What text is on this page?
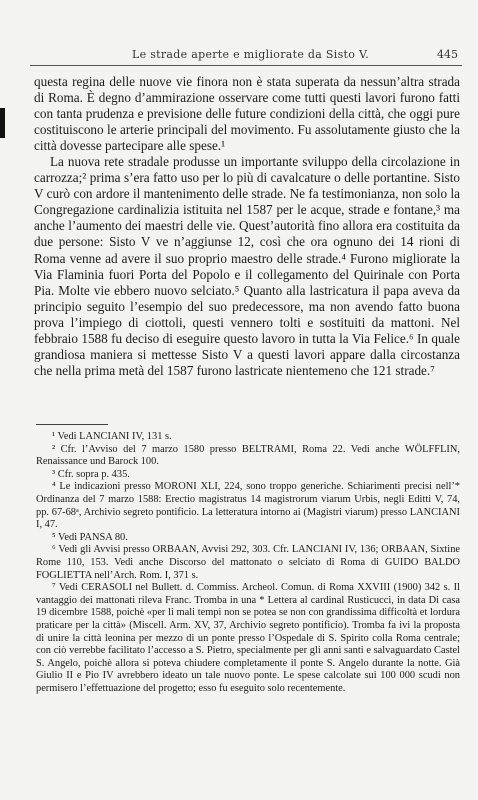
Le strade aperte e migliorate da Sisto V.	445

questa regina delle nuove vie finora non è stata superata da nessun’altra strada di Roma. È degno d’ammirazione osservare come tutti questi lavori furono fatti con tanta prudenza e previsione delle future condizioni della città, che oggi pure costituiscono le arterie principali del movimento. Fu assolutamente giusto che la città dovesse partecipare alle spese.¹

La nuova rete stradale produsse un importante sviluppo della circolazione in carrozza;² prima s’era fatto uso per lo più di cavalcature o delle portantine. Sisto V curò con ardore il mantenimento delle strade. Ne fa testimonianza, non solo la Congregazione cardinalizia istituita nel 1587 per le acque, strade e fontane,³ ma anche l’aumento dei maestri delle vie. Quest’autorità fino allora era costituita da due persone: Sisto V ve n’aggiunse 12, così che ora ognuno dei 14 rioni di Roma venne ad avere il suo proprio maestro delle strade.⁴ Furono migliorate la Via Flaminia fuori Porta del Popolo e il collegamento del Quirinale con Porta Pia. Molte vie ebbero nuovo selciato.⁵ Quanto alla lastricatura il papa aveva da principio seguito l’esempio del suo predecessore, ma non avendo fatto buona prova l’impiego di ciottoli, questi vennero tolti e sostituiti da mattoni. Nel febbraio 1588 fu deciso di eseguire questo lavoro in tutta la Via Felice.⁶ In quale grandiosa maniera si mettesse Sisto V a questi lavori appare dalla circostanza che nella prima metà del 1587 furono lastricate nientemeno che 121 strade.⁷

¹ Vedi LANCIANI IV, 131 s.

² Cfr. l’Avviso del 7 marzo 1580 presso BELTRAMI, Roma 22. Vedi anche WÖLFFLIN, Renaissance und Barock 100.

³ Cfr. sopra p. 435.

⁴ Le indicazioni presso MORONI XLI, 224, sono troppo generiche. Schiarimenti precisi nell’* Ordinanza del 7 marzo 1588: Erectio magistratus 14 magistrorum viarum Urbis, negli Editti V, 74, pp. 67-68ᵃ, Archivio segreto pontificio. La letteratura intorno ai (Magistri viarum) presso LANCIANI I, 47.

⁵ Vedi PANSA 80.

⁶ Vedi gli Avvisi presso ORBAAN, Avvisi 292, 303. Cfr. LANCIANI IV, 136; ORBAAN, Sixtine Rome 110, 153. Vedi anche Discorso del mattonato o selciato di Roma di GUIDO BALDO FOGLIETTA nell’Arch. Rom. I, 371 s.

⁷ Vedi CERASOLI nel Bullett. d. Commiss. Archeol. Comun. di Roma XXVIII (1900) 342 s. Il vantaggio dei mattonati rileva Franc. Tromba in una * Lettera al cardinal Rusticucci, in data Di casa 19 dicembre 1588, poichè «per li mali tempi non se potea se non con grandissima difficoltà et lordura praticare per la città» (Miscell. Arm. XV, 37, Archivio segreto pontificio). Tromba fa ivi la proposta di unire la città leonina per mezzo di un ponte presso l’Ospedale di S. Spirito colla Roma centrale; con ciò verrebbe facilitato l’accesso a S. Pietro, specialmente per gli anni santi e salvaguardato Castel S. Angelo, poichè allora si poteva chiudere completamente il ponte S. Angelo durante la notte. Già Giulio II e Pio IV avrebbero ideato un tale nuovo ponte. Le spese calcolate sui 100 000 scudi non permisero l’effettuazione del progetto; esso fu eseguito solo recentemente.
